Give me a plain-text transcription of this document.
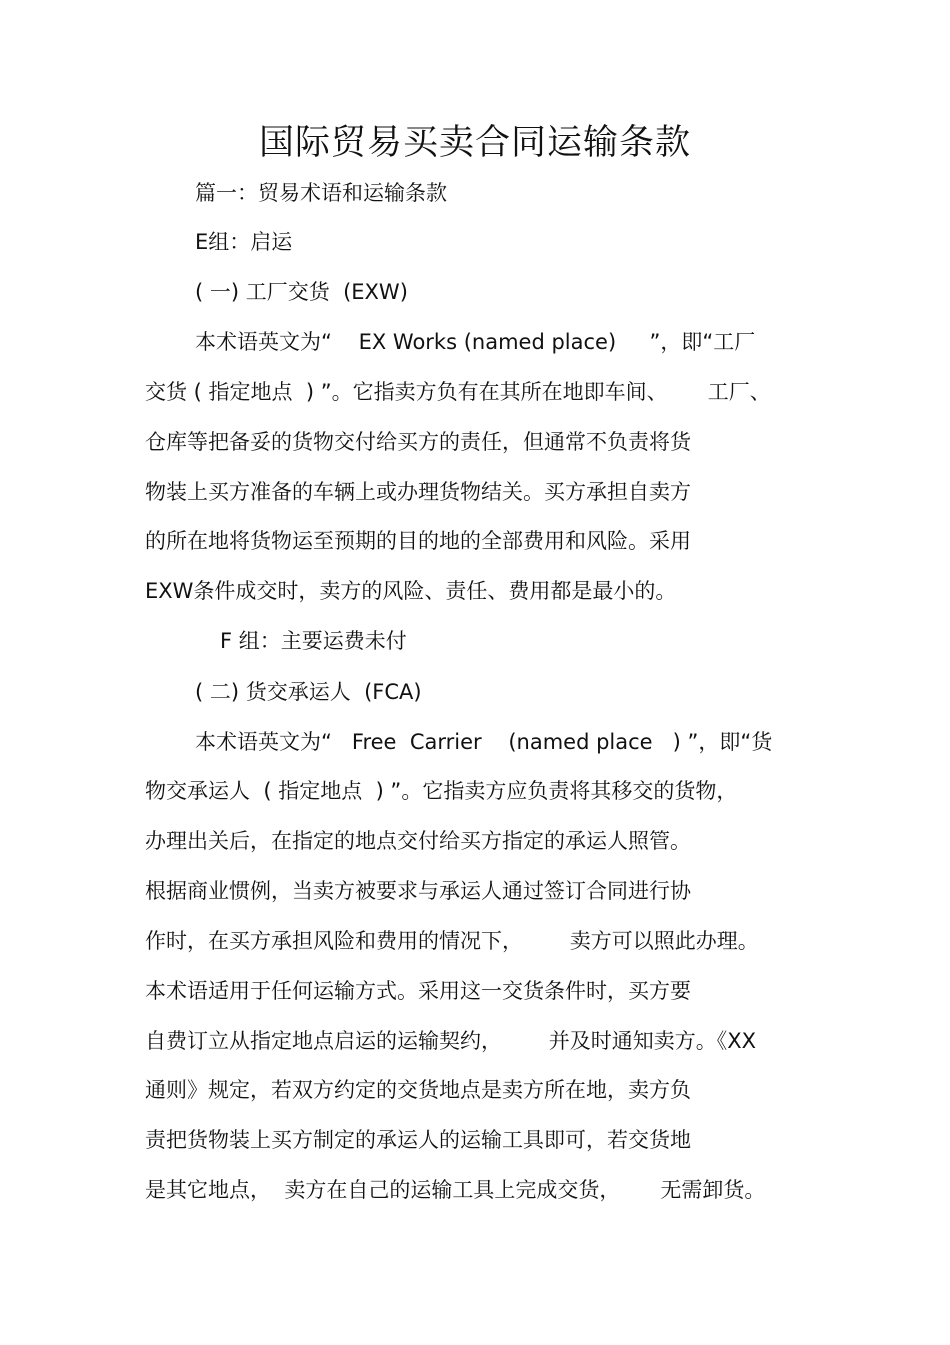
国际贸易买卖合同运输条款
篇一：贸易术语和运输条款
E组：启运
( 一) 工厂交货  (EXW)
本术语英文为“    EX Works (named place)     ”，即“工厂
交货 ( 指定地点  ) ”。它指卖方负有在其所在地即车间、      工厂、
仓库等把备妥的货物交付给买方的责任，但通常不负责将货
物装上买方准备的车辆上或办理货物结关。买方承担自卖方
的所在地将货物运至预期的目的地的全部费用和风险。采用
EXW条件成交时，卖方的风险、责任、费用都是最小的。
F 组：主要运费未付
( 二) 货交承运人  (FCA)
本术语英文为“   Free  Carrier    (named place   ) ”，即“货
物交承运人  ( 指定地点  ) ”。它指卖方应负责将其移交的货物，
办理出关后，在指定的地点交付给买方指定的承运人照管。
根据商业惯例，当卖方被要求与承运人通过签订合同进行协
作时，在买方承担风险和费用的情况下，       卖方可以照此办理。
本术语适用于任何运输方式。采用这一交货条件时，买方要
自费订立从指定地点启运的运输契约，       并及时通知卖方。《XX
通则》规定，若双方约定的交货地点是卖方所在地，卖方负
责把货物装上买方制定的承运人的运输工具即可，若交货地
是其它地点，  卖方在自己的运输工具上完成交货，      无需卸货。
